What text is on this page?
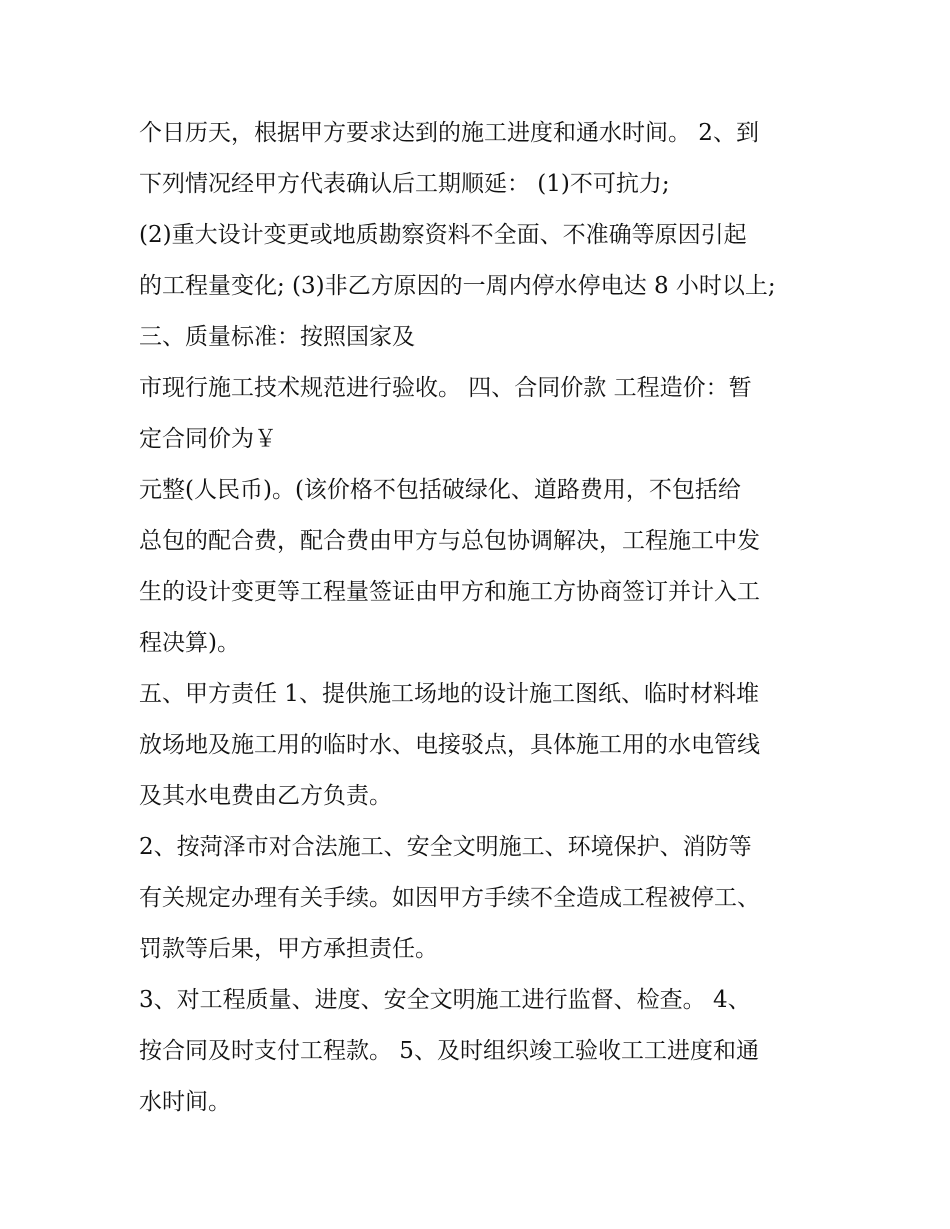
个日历天，根据甲方要求达到的施工进度和通水时间。 2、到
下列情况经甲方代表确认后工期顺延： (1)不可抗力;
(2)重大设计变更或地质勘察资料不全面、不准确等原因引起
的工程量变化; (3)非乙方原因的一周内停水停电达 8 小时以上;
三、质量标准：按照国家及
市现行施工技术规范进行验收。 四、合同价款 工程造价：暂
定合同价为￥
元整(人民币)。(该价格不包括破绿化、道路费用，不包括给
总包的配合费，配合费由甲方与总包协调解决，工程施工中发
生的设计变更等工程量签证由甲方和施工方协商签订并计入工
程决算)。
五、甲方责任 1、提供施工场地的设计施工图纸、临时材料堆
放场地及施工用的临时水、电接驳点，具体施工用的水电管线
及其水电费由乙方负责。
2、按菏泽市对合法施工、安全文明施工、环境保护、消防等
有关规定办理有关手续。如因甲方手续不全造成工程被停工、
罚款等后果，甲方承担责任。
3、对工程质量、进度、安全文明施工进行监督、检查。 4、
按合同及时支付工程款。 5、及时组织竣工验收工工进度和通
水时间。
